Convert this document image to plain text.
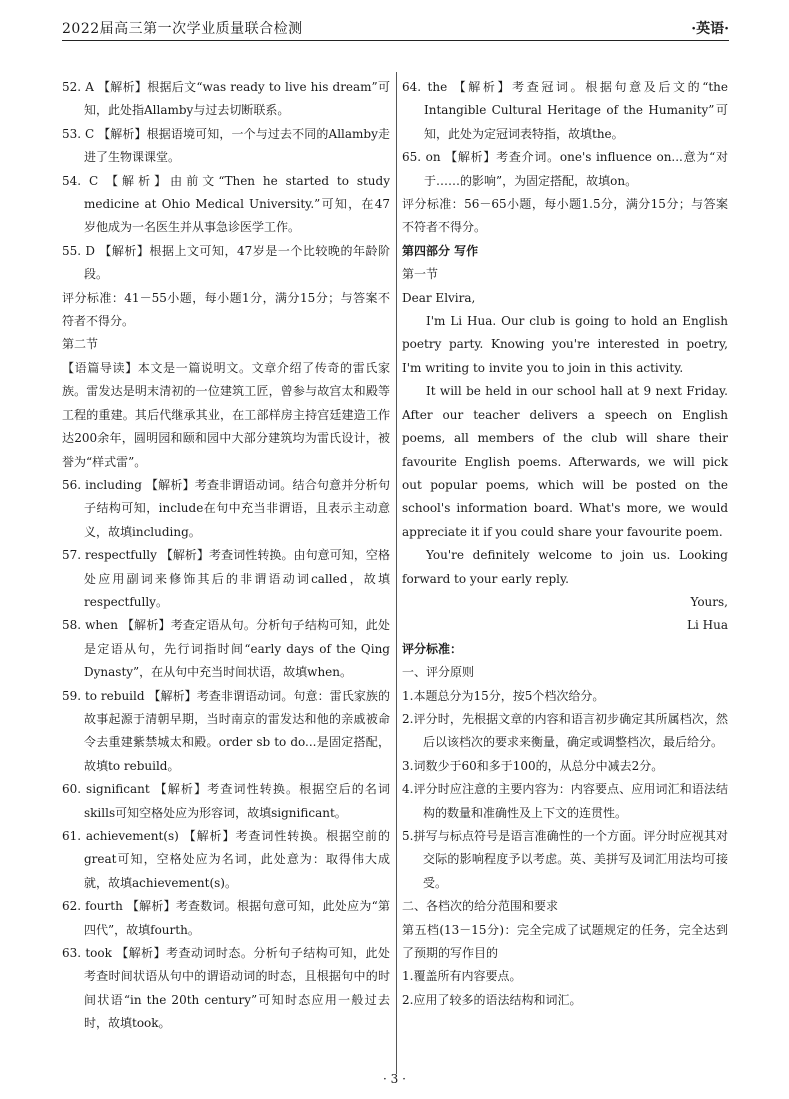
2022届高三第一次学业质量联合检测	·英语·

52. A 【解析】根据后文“was ready to live his dream”可知，此处指Allamby与过去切断联系。

53. C 【解析】根据语境可知，一个与过去不同的Allamby走进了生物课课堂。

54. C 【解析】由前文“Then he started to study medicine at Ohio Medical University.”可知，在47岁他成为一名医生并从事急诊医学工作。

55. D 【解析】根据上文可知，47岁是一个比较晚的年龄阶段。

评分标准：41－55小题，每小题1分，满分15分；与答案不符者不得分。

第二节

【语篇导读】本文是一篇说明文。文章介绍了传奇的雷氏家族。雷发达是明末清初的一位建筑工匠，曾参与故宫太和殿等工程的重建。其后代继承其业，在工部样房主持宫廷建造工作达200余年，圆明园和颐和园中大部分建筑均为雷氏设计，被誉为“样式雷”。

56. including 【解析】考查非谓语动词。结合句意并分析句子结构可知，include在句中充当非谓语，且表示主动意义，故填including。

57. respectfully 【解析】考查词性转换。由句意可知，空格处应用副词来修饰其后的非谓语动词called，故填respectfully。

58. when 【解析】考查定语从句。分析句子结构可知，此处是定语从句，先行词指时间“early days of the Qing Dynasty”，在从句中充当时间状语，故填when。

59. to rebuild 【解析】考查非谓语动词。句意：雷氏家族的故事起源于清朝早期，当时南京的雷发达和他的亲戚被命令去重建紫禁城太和殿。order sb to do...是固定搭配，故填to rebuild。

60. significant 【解析】考查词性转换。根据空后的名词skills可知空格处应为形容词，故填significant。

61. achievement(s) 【解析】考查词性转换。根据空前的great可知，空格处应为名词，此处意为：取得伟大成就，故填achievement(s)。

62. fourth 【解析】考查数词。根据句意可知，此处应为“第四代”，故填fourth。

63. took 【解析】考查动词时态。分析句子结构可知，此处考查时间状语从句中的谓语动词的时态，且根据句中的时间状语“in the 20th century”可知时态应用一般过去时，故填took。

64. the 【解析】考查冠词。根据句意及后文的“the Intangible Cultural Heritage of the Humanity”可知，此处为定冠词表特指，故填the。

65. on 【解析】考查介词。one's influence on...意为“对于……的影响”，为固定搭配，故填on。

评分标准：56－65小题，每小题1.5分，满分15分；与答案不符者不得分。

第四部分 写作

第一节

Dear Elvira,

I'm Li Hua. Our club is going to hold an English poetry party. Knowing you're interested in poetry, I'm writing to invite you to join in this activity.

It will be held in our school hall at 9 next Friday. After our teacher delivers a speech on English poems, all members of the club will share their favourite English poems. Afterwards, we will pick out popular poems, which will be posted on the school's information board. What's more, we would appreciate it if you could share your favourite poem.

You're definitely welcome to join us. Looking forward to your early reply.

Yours,

Li Hua

评分标准：

一、评分原则

1.本题总分为15分，按5个档次给分。

2.评分时，先根据文章的内容和语言初步确定其所属档次，然后以该档次的要求来衡量，确定或调整档次，最后给分。

3.词数少于60和多于100的，从总分中减去2分。

4.评分时应注意的主要内容为：内容要点、应用词汇和语法结构的数量和准确性及上下文的连贯性。

5.拼写与标点符号是语言准确性的一个方面。评分时应视其对交际的影响程度予以考虑。英、美拼写及词汇用法均可接受。

二、各档次的给分范围和要求

第五档(13－15分)：完全完成了试题规定的任务，完全达到了预期的写作目的

1.覆盖所有内容要点。

2.应用了较多的语法结构和词汇。

· 3 ·
